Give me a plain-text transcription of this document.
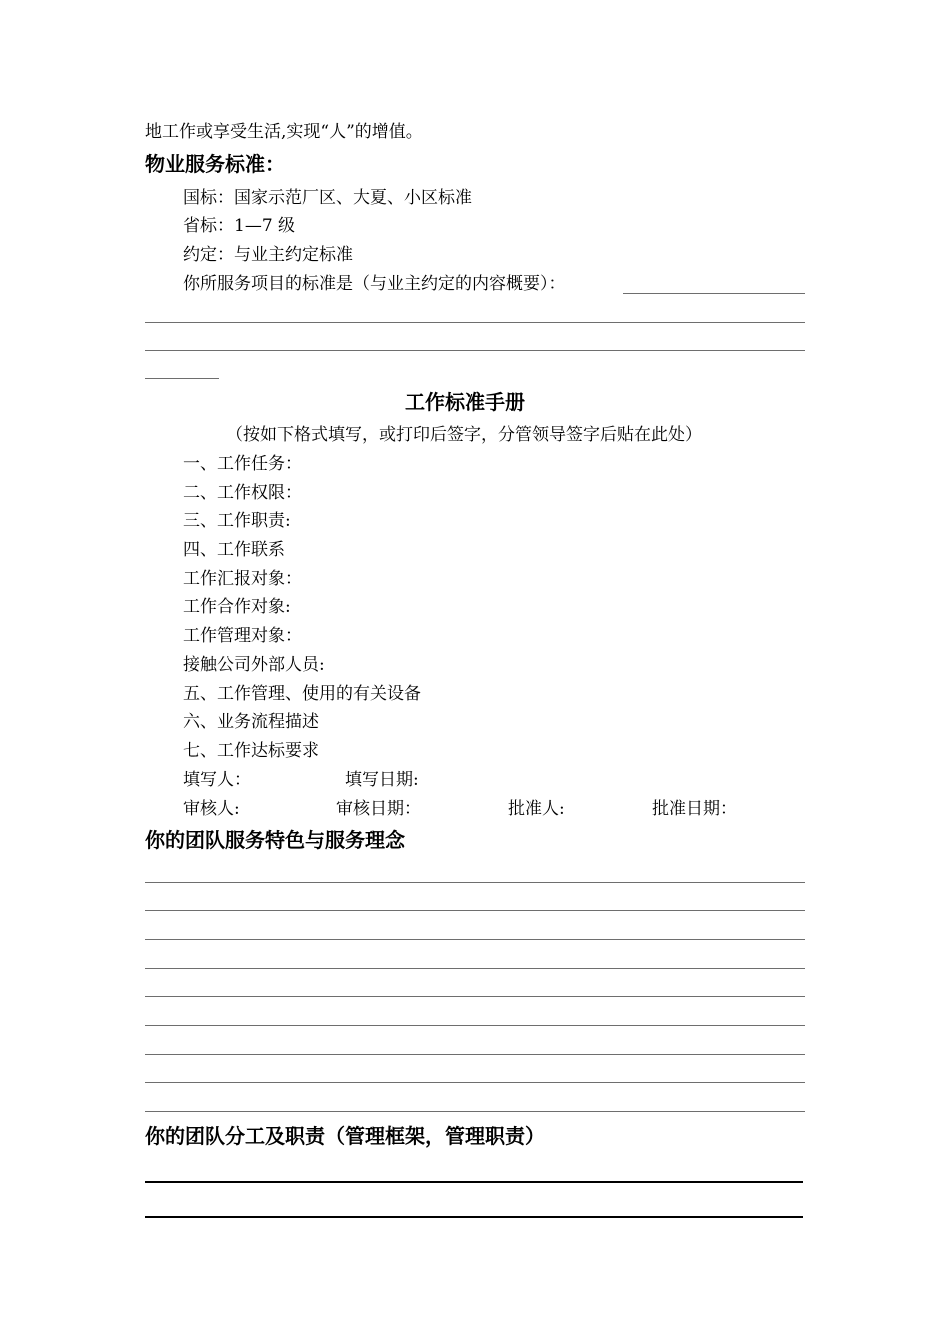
地工作或享受生活,实现“人”的增值。
物业服务标准：
国标：国家示范厂区、大夏、小区标准
省标：1—7 级
约定：与业主约定标准
你所服务项目的标准是（与业主约定的内容概要）：
工作标准手册
（按如下格式填写，或打印后签字，分管领导签字后贴在此处）
一、工作任务：
二、工作权限：
三、工作职责:
四、工作联系
工作汇报对象：
工作合作对象:
工作管理对象：
接触公司外部人员:
五、工作管理、使用的有关设备
六、业务流程描述
七、工作达标要求
填写人：	填写日期:
审核人:	审核日期：	批准人:	批准日期：
你的团队服务特色与服务理念
你的团队分工及职责（管理框架，管理职责）
